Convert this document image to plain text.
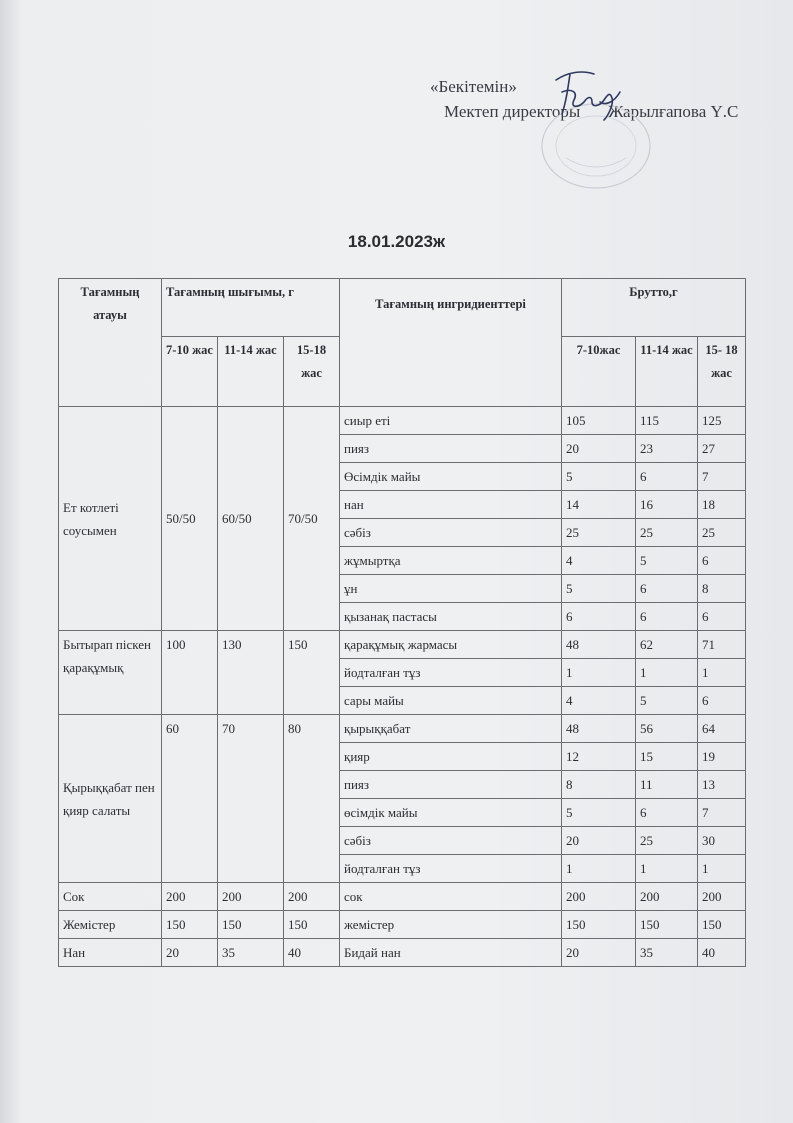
«Бекітемін»
Мектеп директоры Жарылғапова Ү.С
18.01.2023ж
Тағамның атауы	Тағамның шығымы, г			Тағамның ингридиенттері	Брутто,г		
	7-10 жас	11-14 жас	15-18 жас		7-10жас	11-14 жас	15- 18 жас
Ет котлеті соусымен	50/50	60/50	70/50	сиыр еті	105	115	125
				пияз	20	23	27
				Өсімдік майы	5	6	7
				нан	14	16	18
				сәбіз	25	25	25
				жұмыртқа	4	5	6
				ұн	5	6	8
				қызанақ пастасы	6	6	6
Бытырап піскен қарақұмық	100	130	150	қарақұмық жармасы	48	62	71
				йодталған тұз	1	1	1
				сары майы	4	5	6
Қырыққабат пен қияр салаты	60	70	80	қырыққабат	48	56	64
				қияр	12	15	19
				пияз	8	11	13
				өсімдік майы	5	6	7
				сәбіз	20	25	30
				йодталған тұз	1	1	1
Сок	200	200	200	сок	200	200	200
Жемістер	150	150	150	жемістер	150	150	150
Нан	20	35	40	Бидай нан	20	35	40
